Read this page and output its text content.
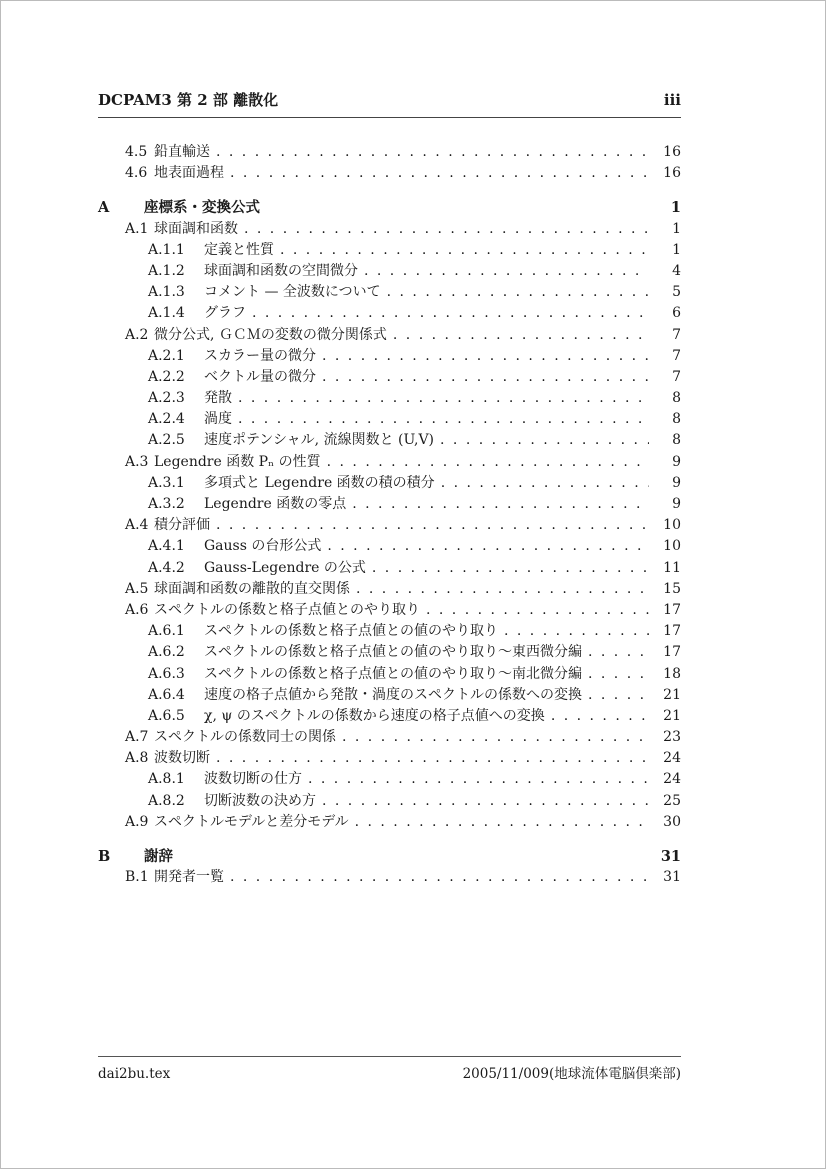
DCPAM3 第 2 部 離散化	iii
4.5 鉛直輸送 . . .	16
4.6 地表面過程 . . .	16
A	座標系・変換公式	1
A.1 球面調和函数 . . .	1
A.1.1	定義と性質 . . .	1
A.1.2	球面調和函数の空間微分 . . .	4
A.1.3	コメント — 全波数について . . .	5
A.1.4	グラフ . . .	6
A.2 微分公式, ＧＣＭの変数の微分関係式 . . .	7
A.2.1	スカラー量の微分 . . .	7
A.2.2	ベクトル量の微分 . . .	7
A.2.3	発散 . . .	8
A.2.4	渦度 . . .	8
A.2.5	速度ポテンシャル, 流線関数と (U,V) . . .	8
A.3 Legendre 函数 Pₙ の性質 . . .	9
A.3.1	多項式と Legendre 函数の積の積分 . . .	9
A.3.2	Legendre 函数の零点 . . .	9
A.4 積分評価 . . .	10
A.4.1	Gauss の台形公式 . . .	10
A.4.2	Gauss-Legendre の公式 . . .	11
A.5 球面調和函数の離散的直交関係 . . .	15
A.6 スペクトルの係数と格子点値とのやり取り . . .	17
A.6.1	スペクトルの係数と格子点値との値のやり取り . . .	17
A.6.2	スペクトルの係数と格子点値との値のやり取り～東西微分編 . . .	17
A.6.3	スペクトルの係数と格子点値との値のやり取り～南北微分編 . . .	18
A.6.4	速度の格子点値から発散・渦度のスペクトルの係数への変換 . . .	21
A.6.5	χ, ψ のスペクトルの係数から速度の格子点値への変換 . . .	21
A.7 スペクトルの係数同士の関係 . . .	23
A.8 波数切断 . . .	24
A.8.1	波数切断の仕方 . . .	24
A.8.2	切断波数の決め方 . . .	25
A.9 スペクトルモデルと差分モデル . . .	30
B	謝辞	31
B.1 開発者一覧 . . .	31
dai2bu.tex	2005/11/009(地球流体電脳倶楽部)
